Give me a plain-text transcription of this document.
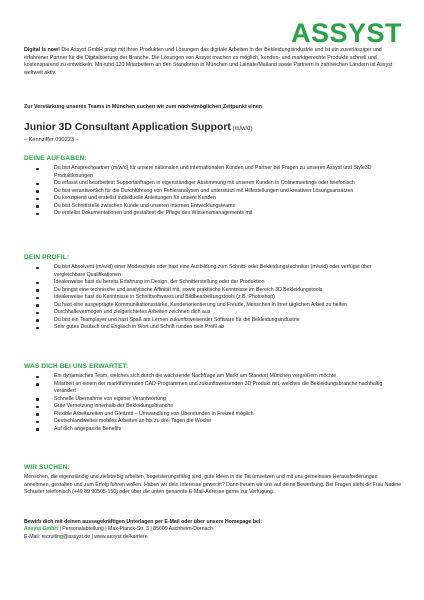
ASSYST
Digital is now! Die Assyst GmbH prägt mit ihren Produkten und Lösungen das digitale Arbeiten in der Bekleidungsindustrie und ist ein zuverlässiger und erfahrener Partner für die Digitalisierung der Branche. Die Lösungen von Assyst machen es möglich, kunden- und marktgerechte Produkte schnell und kostensparend zu entwickeln. Mit rund 120 Mitarbeitern an den Standorten in München und Lainate/Mailand sowie Partnern in zahlreichen Ländern ist Assyst weltweit aktiv.
Zur Verstärkung unseres Teams in München suchen wir zum nächstmöglichen Zeitpunkt einen
Junior 3D Consultant Application Support (m/w/d)
– Kennziffer 090223 –
DEINE AUFGABEN:
Du bist Ansprechpartner (m/w/d) für unsere nationalen und internationalen Kunden und Partner bei Fragen zu unseren Assyst und Style3D Produktlösungen
Du erfasst und bearbeitest Supportanfragen in eigenständiger Abstimmung mit unseren Kunden in Onlinemeetings oder telefonisch
Du bist verantwortlich für die Durchführung von Fehleranalysen und unterstützt mit Hilfestellungen und kreativen Lösungsansätzen
Du konzipierst und erstellst individuelle Anleitungen für unsere Kunden
Du bist Schnittstelle zwischen Kunde und unseren internen Entwicklungsteams
Du erstellst Dokumentationen und gestaltest die Pflege des Wissensmanagements mit
DEIN PROFIL:
Du bist Absolvent (m/w/d) einer Modeschule oder hast eine Ausbildung zum Schnitt- oder Bekleidungstechniker (m/w/d) oder verfügst über vergleichbare Qualifikationen
Idealerweise hast du bereits Erfahrung im Design, der Schnitterstellung oder der Produktion
Du bringst eine technische und analytische Affinität mit, sowie praktische Kenntnisse im Bereich 3D Bekleidungstools
Idealerweise hast du Kenntnisse in Schnittsoftwares und Bildbearbeitungstools (z.B. Photoshop)
Du hast eine ausgeprägte Kommunikationsstärke, Kundenorientierung und Freude, Menschen in ihrer täglichen Arbeit zu helfen
Durchhaltevermögen und zielgerichtetes Arbeiten zeichnen dich aus
Du bist ein Teamplayer und hast Spaß am Lernen zukunftsweisender Software für die Bekleidungsindustrie
Sehr gutes Deutsch und Englisch in Wort und Schrift runden dein Profil ab
WAS DICH BEI UNS ERWARTET:
Ein dynamisches Team, welches sich durch die wachsende Nachfrage am Markt am Standort München vergrößern möchte
Mitarbeit an einem der marktführenden CAD-Programmen und zukunftsweisenden 3D Produkt mit, welches die Bekleidungsbranche nachhaltig verändert
Schnelle Übernahme von eigener Verantwortung
Gute Vernetzung innerhalb der Bekleidungsbranche
Flexible Arbeitszeiten und Gleitzeit – Umwandlung von Überstunden in Freizeit möglich
Deutschlandweites mobiles Arbeiten an bis zu drei Tagen die Woche
Auf dich angepasste Benefits
WIR SUCHEN:

Menschen, die eigenständig und zielstrebig arbeiten, begeisterungsfähig sind, gute Ideen in die Tat umsetzen und mit uns gemeinsam Herausforderungen annehmen, gestalten und zum Erfolg führen wollen. Haben wir dein Interesse geweckt? Dann freuen wir uns auf deine Bewerbung. Bei Fragen steht dir Frau Nadine Schuster telefonisch (+49 89 90505-150) oder über die unten genannte E-Mail-Adresse gerne zur Verfügung.

Bewirb dich mit deinen aussagekräftigen Unterlagen per E-Mail oder über unsere Homepage bei:
Assyst GmbH | Personalabteilung | Max-Planck-Str. 3 | 85609 Aschheim-Dornach
E-Mail: recruiting@assyst.de | www.assyst.de/karriere
